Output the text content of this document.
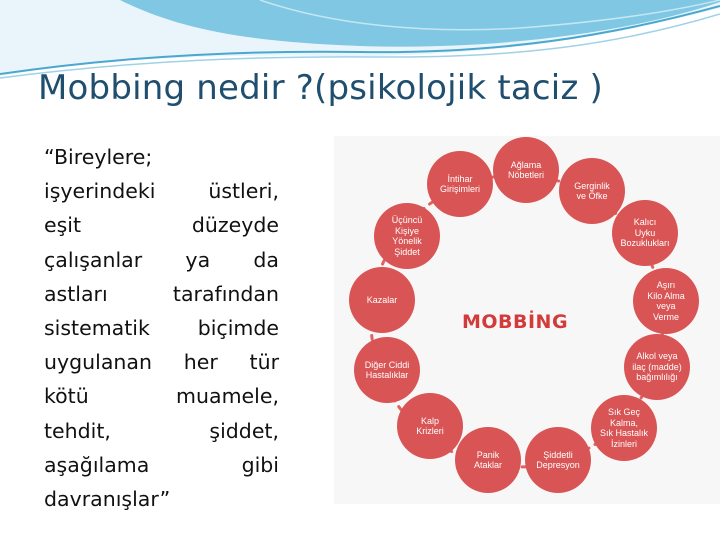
Mobbing nedir ?(psikolojik taciz )
“Bireylere;
işyerindeki üstleri,
eşit düzeyde
çalışanlar ya da
astları tarafından
sistematik biçimde
uygulanan her tür
kötü muamele,
tehdit, şiddet,
aşağılama gibi
davranışlar”
MOBBİNG
Ağlama
Nöbetleri
Gerginlik
ve Öfke
Kalıcı
Uyku
Bozuklukları
Aşırı
Kilo Alma
veya
Verme
Alkol veya
ilaç (madde)
bağımlılığı
Sık Geç
Kalma,
Sık Hastalık
İzinleri
Şiddetli
Depresyon
Panik
Ataklar
Kalp
Krizleri
Diğer Ciddi
Hastalıklar
Kazalar
Üçüncü
Kişiye
Yönelik
Şiddet
İntihar
Girişimleri
